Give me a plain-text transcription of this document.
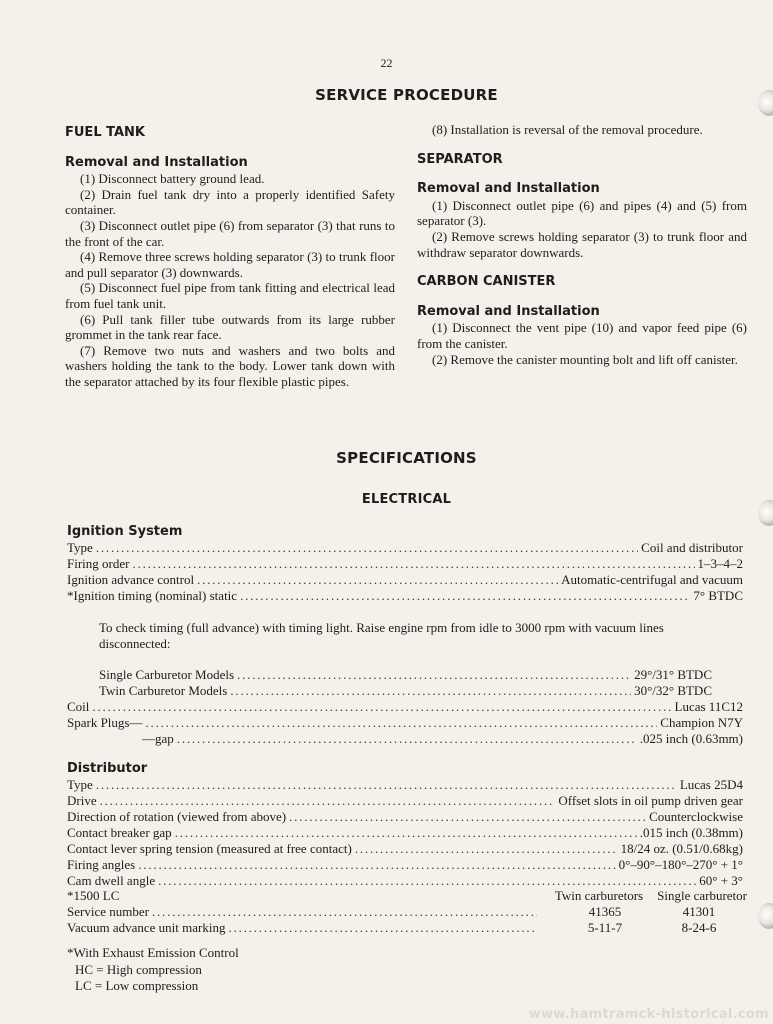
22
SERVICE PROCEDURE
FUEL TANK
Removal and Installation

(1) Disconnect battery ground lead.

(2) Drain fuel tank dry into a properly identified Safety container.

(3) Disconnect outlet pipe (6) from separator (3) that runs to the front of the car.

(4) Remove three screws holding separator (3) to trunk floor and pull separator (3) downwards.

(5) Disconnect fuel pipe from tank fitting and electrical lead from fuel tank unit.

(6) Pull tank filler tube outwards from its large rubber grommet in the tank rear face.

(7) Remove two nuts and washers and two bolts and washers holding the tank to the body. Lower tank down with the separator attached by its four flexible plastic pipes.

(8) Installation is reversal of the removal procedure.

SEPARATOR
Removal and Installation

(1) Disconnect outlet pipe (6) and pipes (4) and (5) from separator (3).

(2) Remove screws holding separator (3) to trunk floor and withdraw separator downwards.

CARBON CANISTER
Removal and Installation

(1) Disconnect the vent pipe (10) and vapor feed pipe (6) from the canister.

(2) Remove the canister mounting bolt and lift off canister.

SPECIFICATIONS
ELECTRICAL
Ignition System
Type .....	Coil and distributor
Firing order .....	1–3–4–2
Ignition advance control .....	Automatic-centrifugal and vacuum
*Ignition timing (nominal) static .....	7° BTDC
To check timing (full advance) with timing light. Raise engine rpm from idle to 3000 rpm with vacuum lines disconnected:
Single Carburetor Models .....	29°/31° BTDC
Twin Carburetor Models .....	30°/32° BTDC
Coil .....	Lucas 11C12
Spark Plugs— .....	Champion N7Y
—gap .....	.025 inch (0.63mm)
Distributor
Type .....	Lucas 25D4
Drive .....	Offset slots in oil pump driven gear
Direction of rotation (viewed from above) .....	Counterclockwise
Contact breaker gap .....	.015 inch (0.38mm)
Contact lever spring tension (measured at free contact) .....	18/24 oz. (0.51/0.68kg)
Firing angles .....	0°–90°–180°–270° + 1°
Cam dwell angle .....	60° + 3°
*1500 LC	Twin carburetors Single carburetor
Service number .....	41365	41301
Vacuum advance unit marking .....	5-11-7	8-24-6
*With Exhaust Emission Control
HC = High compression
LC = Low compression
www.hamtramck-historical.com
